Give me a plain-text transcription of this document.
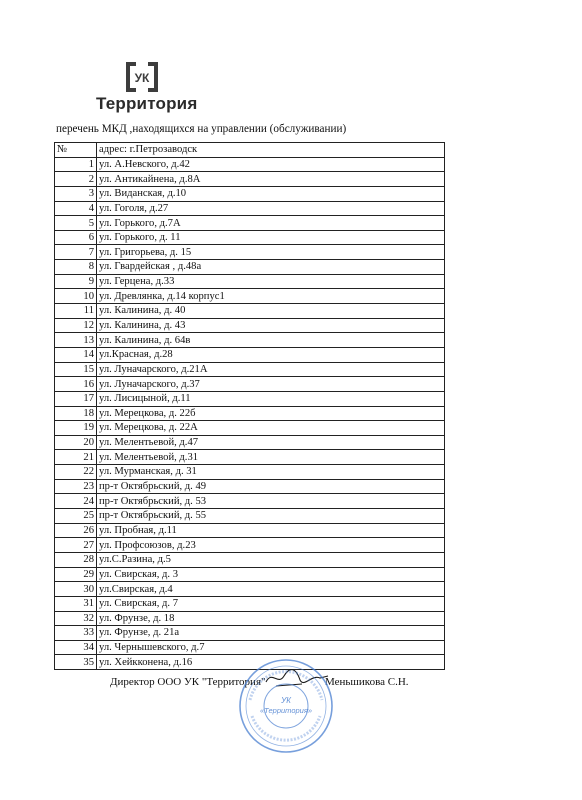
УК
Территория
перечень МКД ,находящихся на управлении (обслуживании)
№	адрес: г.Петрозаводск
1	ул. А.Невского, д.42
2	ул. Антикайнена, д.8А
3	ул. Виданская, д.10
4	ул. Гоголя, д.27
5	ул. Горького, д.7А
6	ул. Горького, д. 11
7	ул. Григорьева, д. 15
8	ул. Гвардейская , д.48а
9	ул. Герцена, д.33
10	ул. Древлянка, д.14 корпус1
11	ул. Калинина, д. 40
12	ул. Калинина, д. 43
13	ул. Калинина, д. 64в
14	ул.Красная, д.28
15	ул. Луначарского, д.21А
16	ул. Луначарского, д.37
17	ул. Лисицыной, д.11
18	ул. Мерецкова, д. 22б
19	ул. Мерецкова, д. 22А
20	ул. Мелентьевой, д.47
21	ул. Мелентьевой, д.31
22	ул. Мурманская, д. 31
23	пр-т Октябрьский, д. 49
24	пр-т Октябрьский, д. 53
25	пр-т Октябрьский, д. 55
26	ул. Пробная, д.11
27	ул. Профсоюзов, д.23
28	ул.С.Разина, д.5
29	ул. Свирская, д. 3
30	ул.Свирская, д.4
31	ул. Свирская, д. 7
32	ул. Фрунзе, д. 18
33	ул. Фрунзе, д. 21а
34	ул. Чернышевского, д.7
35	ул. Хейкконена, д.16
Директор ООО УК "Территория"	Меньшикова С.Н.
УК
«Территория»
